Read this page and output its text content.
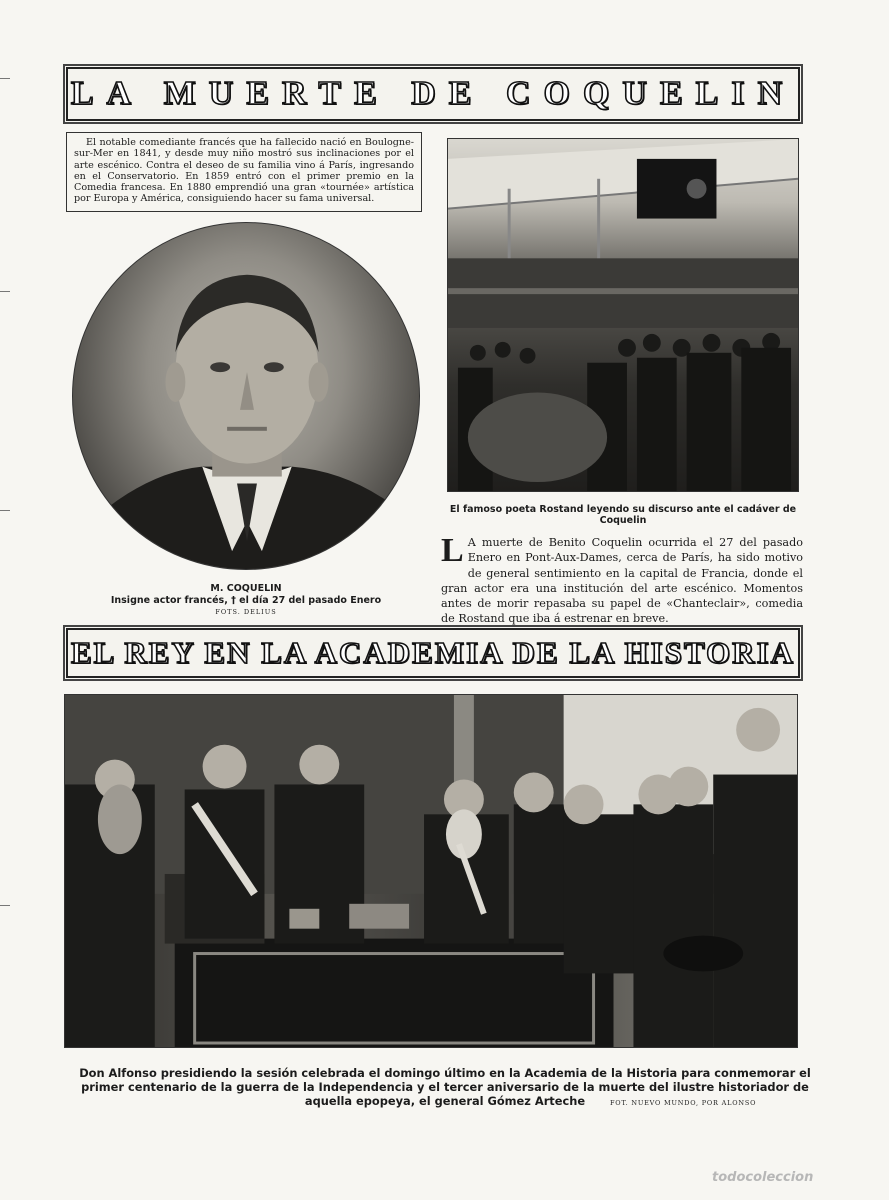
LA MUERTE DE COQUELIN

El notable comediante francés que ha fallecido nació en Boulogne-sur-Mer en 1841, y desde muy niño mostró sus inclinaciones por el arte escénico. Contra el deseo de su familia vino á París, ingresando en el Conservatorio. En 1859 entró con el primer premio en la Comedia francesa. En 1880 emprendió una gran «tournée» artística por Europa y América, consiguiendo hacer su fama universal.

M. COQUELIN
Insigne actor francés, † el día 27 del pasado Enero
FOTS. DELIUS
El famoso poeta Rostand leyendo su discurso ante el cadáver de Coquelin
L A muerte de Benito Coquelin ocurrida el 27 del pasado Enero en Pont-Aux-Dames, cerca de París, ha sido motivo de general sentimiento en la capital de Francia, donde el gran actor era una institución del arte escénico. Momentos antes de morir repasaba su papel de «Chanteclair», comedia de Rostand que iba á estrenar en breve.
EL REY EN LA ACADEMIA DE LA HISTORIA
Don Alfonso presidiendo la sesión celebrada el domingo último en la Academia de la Historia para conmemorar el primer centenario de la guerra de la Independencia y el tercer aniversario de la muerte del ilustre historiador de aquella epopeya, el general Gómez Arteche	FOT. NUEVO MUNDO, POR ALONSO
todocoleccion
